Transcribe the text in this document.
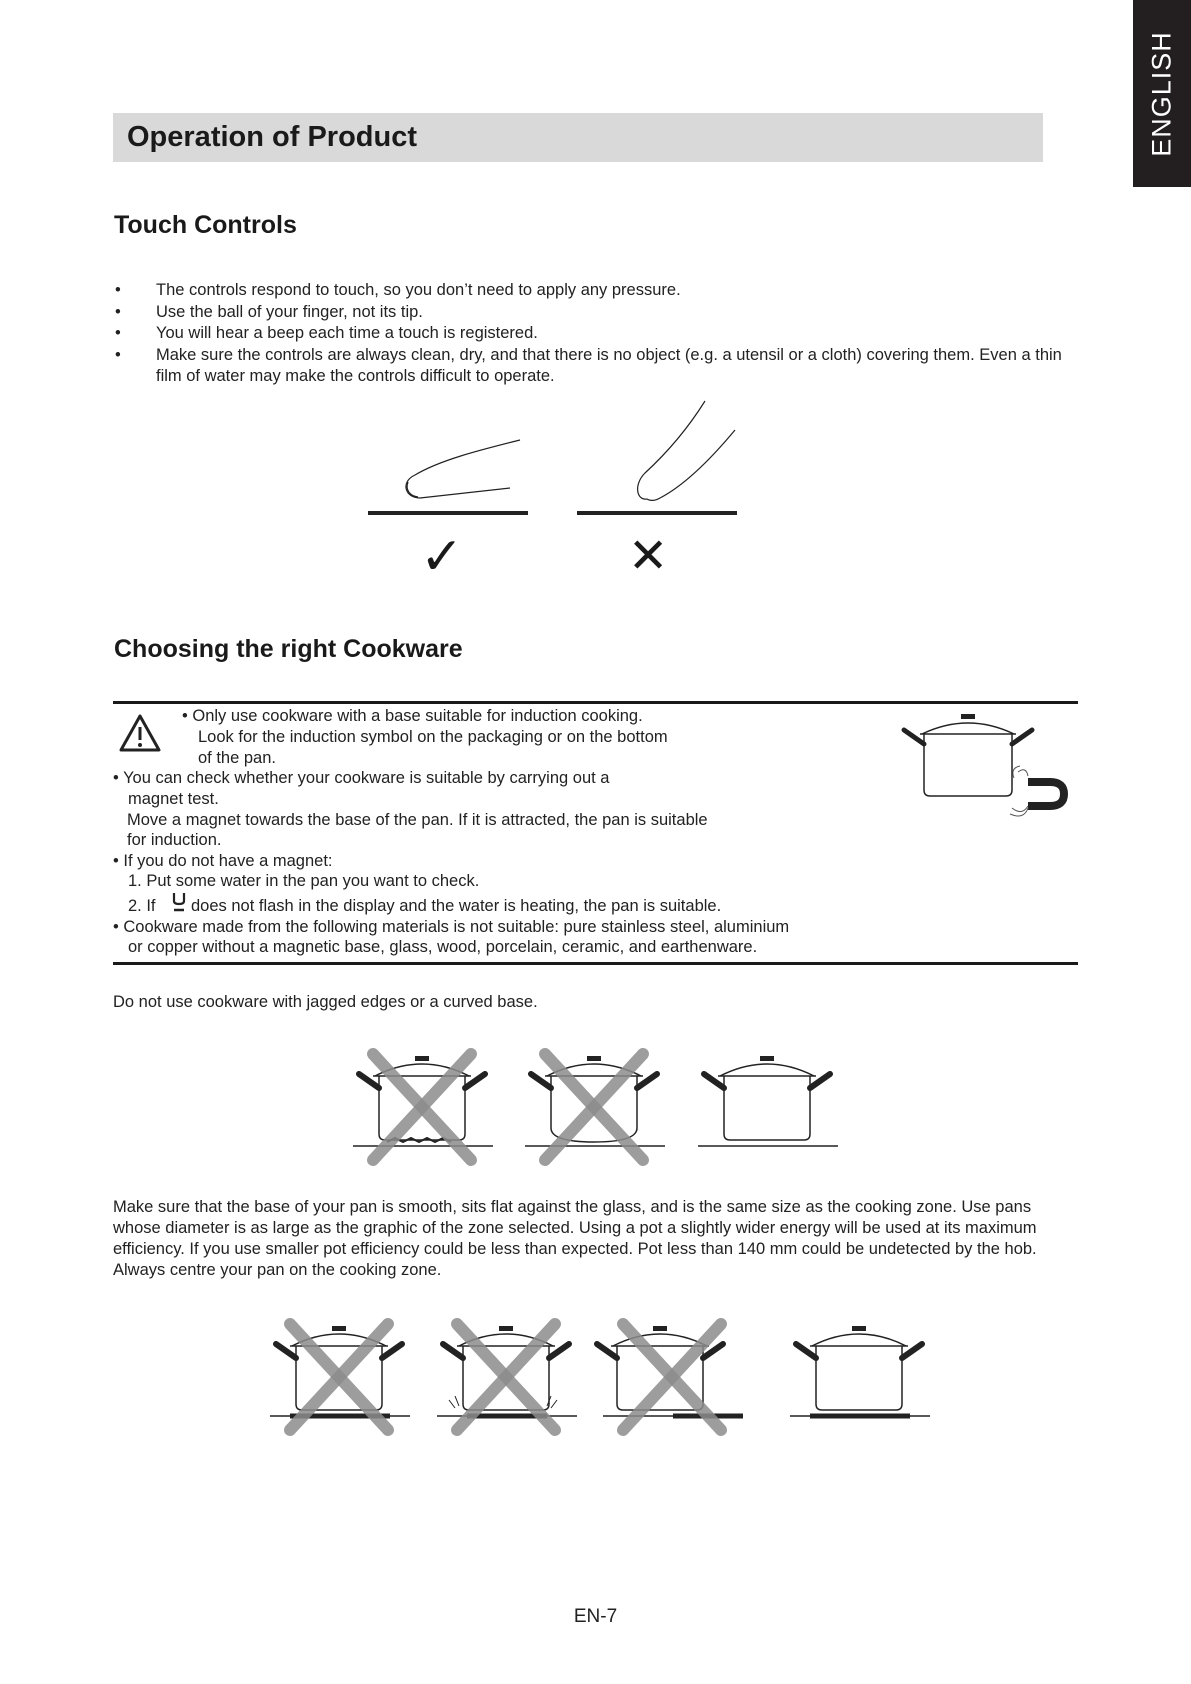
ENGLISH
Operation of Product
Touch Controls
• The controls respond to touch, so you don’t need to apply any pressure.
• Use the ball of your finger, not its tip.
• You will hear a beep each time a touch is registered.
• Make sure the controls are always clean, dry, and that there is no object (e.g. a utensil or a cloth) covering them. Even a thin film of water may make the controls difficult to operate.
✓	✕
Choosing the right Cookware
• Only use cookware with a base suitable for induction cooking.
Look for the induction symbol on the packaging or on the bottom
of the pan.
• You can check whether your cookware is suitable by carrying out a
magnet test.
Move a magnet towards the base of the pan. If it is attracted, the pan is suitable
for induction.
• If you do not have a magnet:
1. Put some water in the pan you want to check.
2. If does not flash in the display and the water is heating, the pan is suitable.
• Cookware made from the following materials is not suitable: pure stainless steel, aluminium
or copper without a magnetic base, glass, wood, porcelain, ceramic, and earthenware.
Do not use cookware with jagged edges or a curved base.
Make sure that the base of your pan is smooth, sits flat against the glass, and is the same size as the cooking zone. Use pans whose diameter is as large as the graphic of the zone selected. Using a pot a slightly wider energy will be used at its maximum efficiency. If you use smaller pot efficiency could be less than expected. Pot less than 140 mm could be undetected by the hob. Always centre your pan on the cooking zone.
EN-7
